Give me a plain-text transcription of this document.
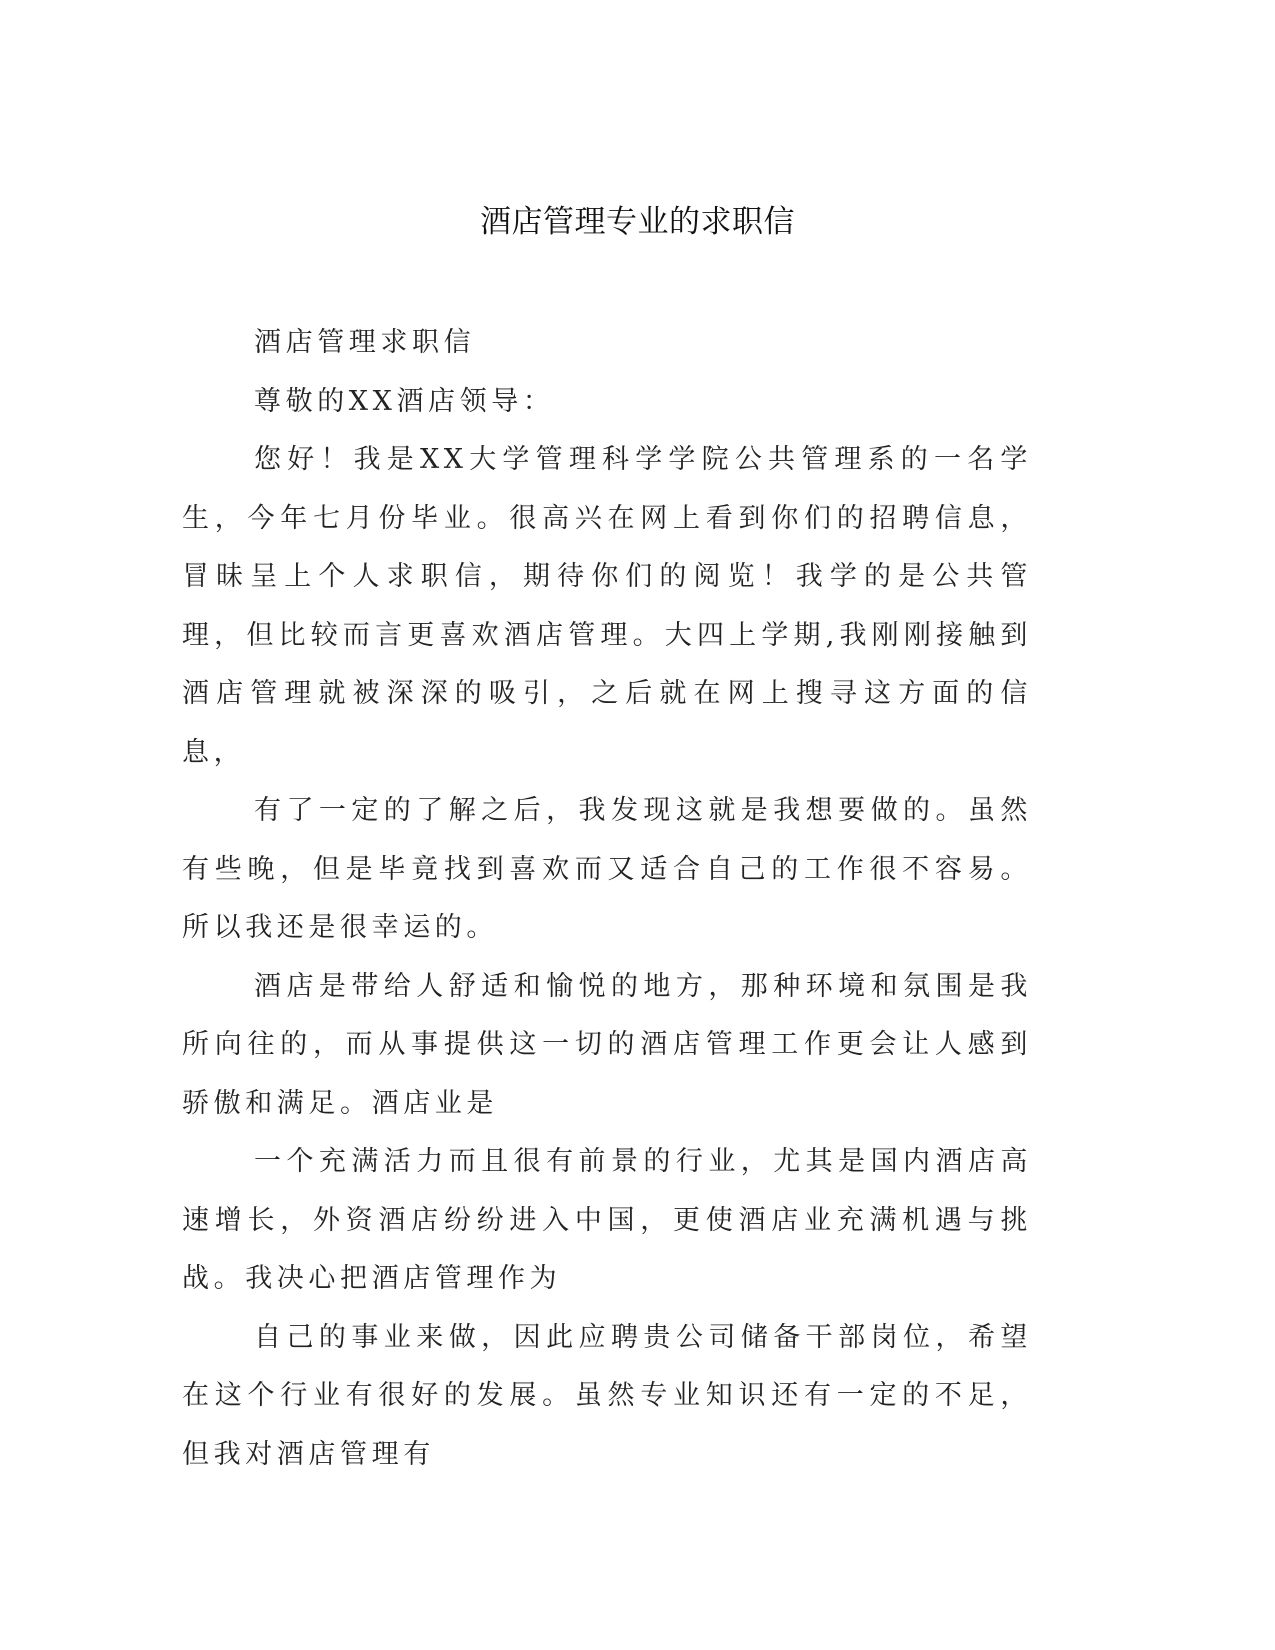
酒店管理专业的求职信

酒店管理求职信

尊敬的XX酒店领导：

您好！我是XX大学管理科学学院公共管理系的一名学生，今年七月份毕业。很高兴在网上看到你们的招聘信息，冒昧呈上个人求职信，期待你们的阅览！我学的是公共管理，但比较而言更喜欢酒店管理。大四上学期,我刚刚接触到酒店管理就被深深的吸引，之后就在网上搜寻这方面的信息，

有了一定的了解之后，我发现这就是我想要做的。虽然有些晚，但是毕竟找到喜欢而又适合自己的工作很不容易。所以我还是很幸运的。

酒店是带给人舒适和愉悦的地方，那种环境和氛围是我所向往的，而从事提供这一切的酒店管理工作更会让人感到骄傲和满足。酒店业是

一个充满活力而且很有前景的行业，尤其是国内酒店高速增长，外资酒店纷纷进入中国，更使酒店业充满机遇与挑战。我决心把酒店管理作为

自己的事业来做，因此应聘贵公司储备干部岗位，希望在这个行业有很好的发展。虽然专业知识还有一定的不足，但我对酒店管理有
